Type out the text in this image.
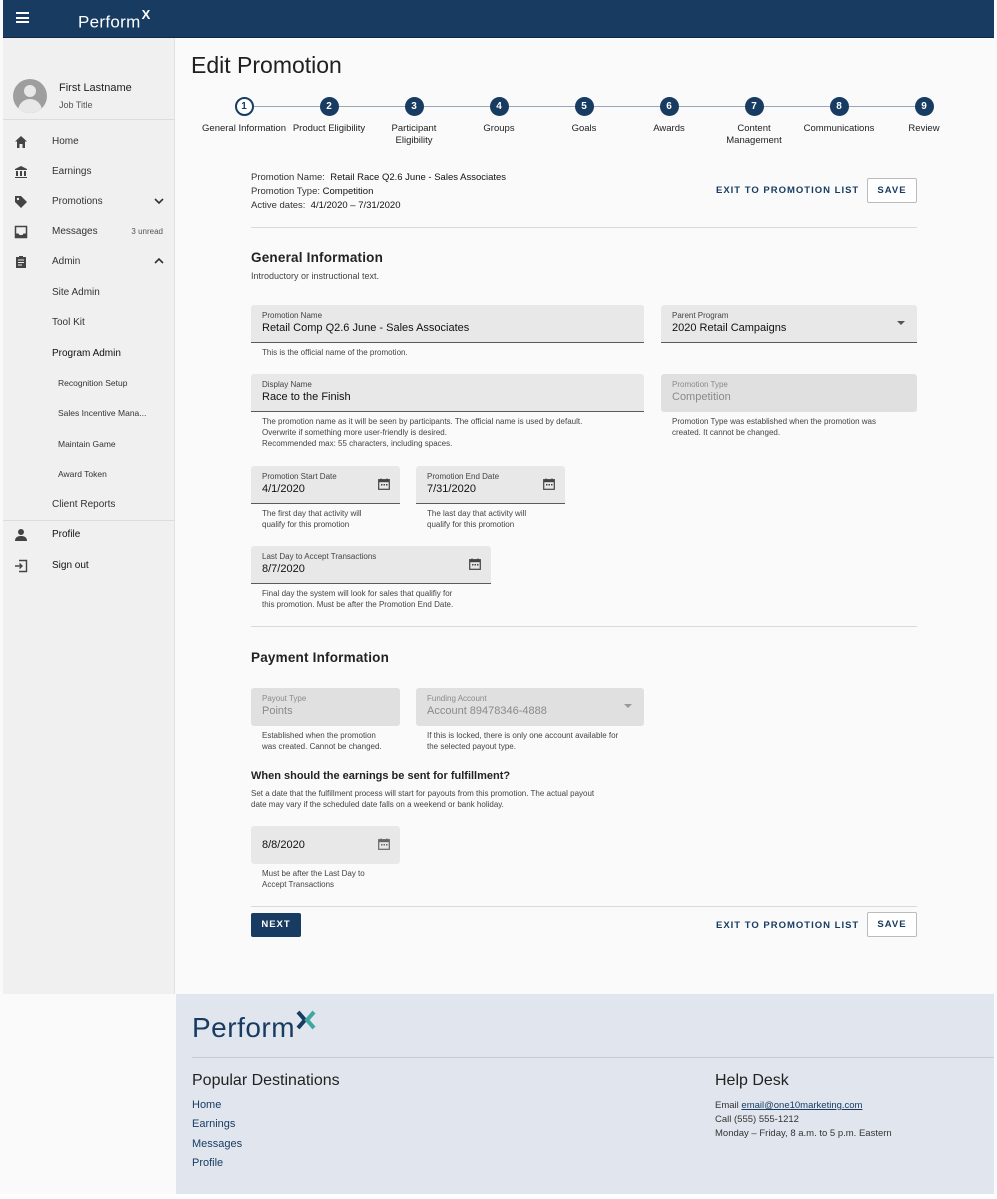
Perform$^X$
First Lastname
Job Title
Home
Earnings
Promotions
Messages	3 unread
Admin
Site Admin
Tool Kit
Program Admin
Recognition Setup
Sales Incentive Mana...
Maintain Game
Award Token
Client Reports
Profile
Sign out
Edit Promotion
1
General Information
2
Product Eligibility
3
Participant Eligibility
4
Groups
5
Goals
6
Awards
7
Content Management
8
Communications
9
Review
Promotion Name: Retail Race Q2.6 June - Sales Associates
Promotion Type: Competition
Active dates: 4/1/2020 – 7/31/2020
EXIT TO PROMOTION LIST	SAVE
General Information
Introductory or instructional text.
Promotion Name
Retail Comp Q2.6 June - Sales Associates
This is the official name of the promotion.
Parent Program
2020 Retail Campaigns
Display Name
Race to the Finish
The promotion name as it will be seen by participants. The official name is used by default.
Overwrite if something more user-friendly is desired.
Recommended max: 55 characters, including spaces.
Promotion Type
Competition
Promotion Type was established when the promotion was
created. It cannot be changed.
Promotion Start Date
4/1/2020
The first day that activity will
qualify for this promotion
Promotion End Date
7/31/2020
The last day that activity will
qualify for this promotion
Last Day to Accept Transactions
8/7/2020
Final day the system will look for sales that qualifiy for
this promotion. Must be after the Promotion End Date.
Payment Information
Payout Type
Points
Established when the promotion
was created. Cannot be changed.
Funding Account
Account 89478346-4888
If this is locked, there is only one account available for
the selected payout type.
When should the earnings be sent for fulfillment?
Set a date that the fulfillment process will start for payouts from this promotion. The actual payout
date may vary if the scheduled date falls on a weekend or bank holiday.
8/8/2020
Must be after the Last Day to
Accept Transactions
NEXT	EXIT TO PROMOTION LIST	SAVE
Perform
Popular Destinations
Home
Earnings
Messages
Profile
Help Desk
Email email@one10marketing.com
Call (555) 555-1212
Monday – Friday, 8 a.m. to 5 p.m. Eastern
